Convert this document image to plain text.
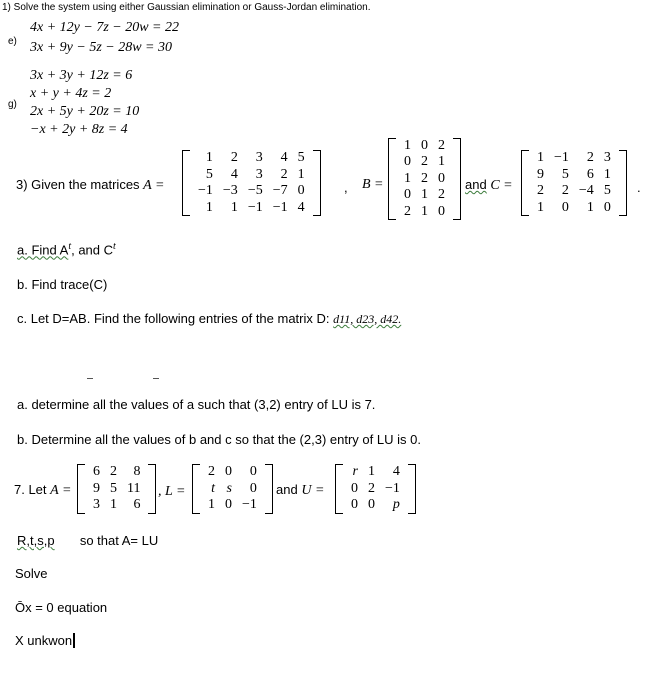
1) Solve the system using either Gaussian elimination or Gauss-Jordan elimination.
e)
4x + 12y − 7z − 20w = 22
3x + 9y − 5z − 28w = 30
3x + 3y + 12z = 6
x + y + 4z = 2
g) 2x + 5y + 20z = 10
−x + 2y + 8z = 4
3) Given the matrices A =
1	2	3	4 5
5	4	3	2 1
−1 −3 −5 −7 0
1	1 −1 −1 4
, B =
1 0 2
0 2 1
1 2 0
0 1 2
2 1 0
and C =
1 −1	2 3
9	5	6 1
2	2 −4 5
1	0	1 0
.
a. Find $A^t$, and $C^t$
b. Find trace(C)
c. Let D=AB. Find the following entries of the matrix D: d11, d23, d42.
a. determine all the values of a such that (3,2) entry of LU is 7.
b. Determine all the values of b and c so that the (2,3) entry of LU is 0.
7. Let A =
6 2	8
9 5 11
3 1	6
, L =
2 0	0
t s	0
1 0 −1
and U =
r 1	4
0 2 −1
0 0	p
R,t,s,p so that A= LU
Solve
Ōx = 0 equation
X unkwon
